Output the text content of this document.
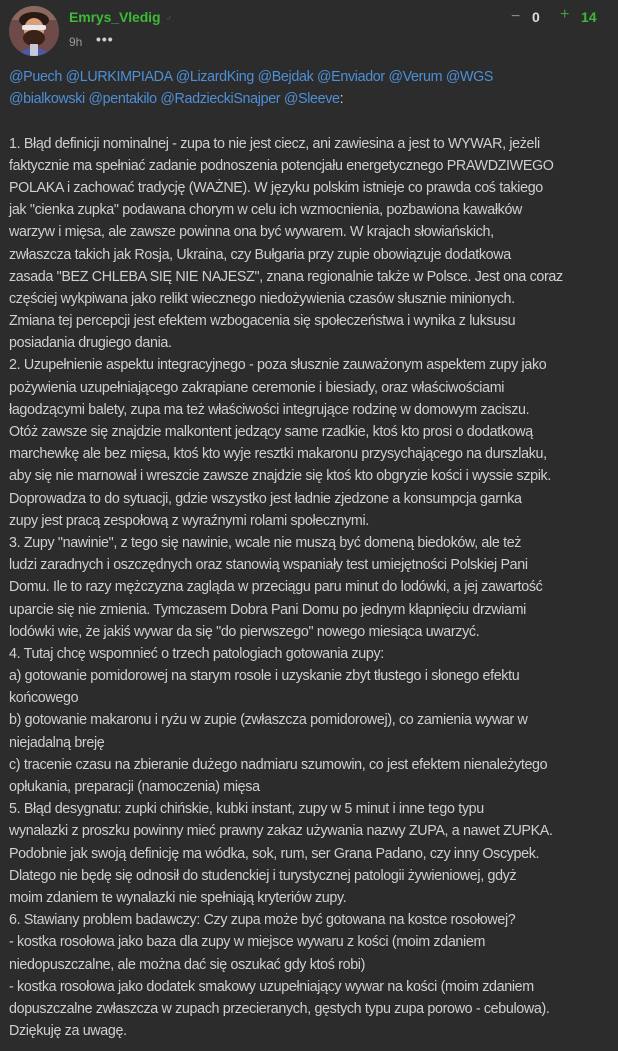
Emrys_Vledig ♂
9h •••
− 0 + 14
@Puech @LURKIMPIADA @LizardKing @Bejdak @Enviador @Verum @WGS
@bialkowski @pentakilo @RadzieckiSnajper @Sleeve:
1. Błąd definicji nominalnej - zupa to nie jest ciecz, ani zawiesina a jest to WYWAR, jeżeli
faktycznie ma spełniać zadanie podnoszenia potencjału energetycznego PRAWDZIWEGO
POLAKA i zachować tradycję (WAŻNE). W języku polskim istnieje co prawda coś takiego
jak "cienka zupka" podawana chorym w celu ich wzmocnienia, pozbawiona kawałków
warzyw i mięsa, ale zawsze powinna ona być wywarem. W krajach słowiańskich,
zwłaszcza takich jak Rosja, Ukraina, czy Bułgaria przy zupie obowiązuje dodatkowa
zasada "BEZ CHLEBA SIĘ NIE NAJESZ", znana regionalnie także w Polsce. Jest ona coraz
częściej wykpiwana jako relikt wiecznego niedożywienia czasów słusznie minionych.
Zmiana tej percepcji jest efektem wzbogacenia się społeczeństwa i wynika z luksusu
posiadania drugiego dania.
2. Uzupełnienie aspektu integracyjnego - poza słusznie zauważonym aspektem zupy jako
pożywienia uzupełniającego zakrapiane ceremonie i biesiady, oraz właściwościami
łagodzącymi balety, zupa ma też właściwości integrujące rodzinę w domowym zaciszu.
Otóż zawsze się znajdzie malkontent jedzący same rzadkie, ktoś kto prosi o dodatkową
marchewkę ale bez mięsa, ktoś kto wyje resztki makaronu przysychającego na durszlaku,
aby się nie marnował i wreszcie zawsze znajdzie się ktoś kto obgryzie kości i wyssie szpik.
Doprowadza to do sytuacji, gdzie wszystko jest ładnie zjedzone a konsumpcja garnka
zupy jest pracą zespołową z wyraźnymi rolami społecznymi.
3. Zupy "nawinie", z tego się nawinie, wcale nie muszą być domeną biedoków, ale też
ludzi zaradnych i oszczędnych oraz stanowią wspaniały test umiejętności Polskiej Pani
Domu. Ile to razy mężczyzna zagląda w przeciągu paru minut do lodówki, a jej zawartość
uparcie się nie zmienia. Tymczasem Dobra Pani Domu po jednym kłapnięciu drzwiami
lodówki wie, że jakiś wywar da się "do pierwszego" nowego miesiąca uwarzyć.
4. Tutaj chcę wspomnieć o trzech patologiach gotowania zupy:
a) gotowanie pomidorowej na starym rosole i uzyskanie zbyt tłustego i słonego efektu
końcowego
b) gotowanie makaronu i ryżu w zupie (zwłaszcza pomidorowej), co zamienia wywar w
niejadalną breję
c) tracenie czasu na zbieranie dużego nadmiaru szumowin, co jest efektem nienależytego
opłukania, preparacji (namoczenia) mięsa
5. Błąd desygnatu: zupki chińskie, kubki instant, zupy w 5 minut i inne tego typu
wynalazki z proszku powinny mieć prawny zakaz używania nazwy ZUPA, a nawet ZUPKA.
Podobnie jak swoją definicję ma wódka, sok, rum, ser Grana Padano, czy inny Oscypek.
Dlatego nie będę się odnosił do studenckiej i turystycznej patologii żywieniowej, gdyż
moim zdaniem te wynalazki nie spełniają kryteriów zupy.
6. Stawiany problem badawczy: Czy zupa może być gotowana na kostce rosołowej?
- kostka rosołowa jako baza dla zupy w miejsce wywaru z kości (moim zdaniem
niedopuszczalne, ale można dać się oszukać gdy ktoś robi)
- kostka rosołowa jako dodatek smakowy uzupełniający wywar na kości (moim zdaniem
dopuszczalne zwłaszcza w zupach przecieranych, gęstych typu zupa porowo - cebulowa).
Dziękuję za uwagę.
